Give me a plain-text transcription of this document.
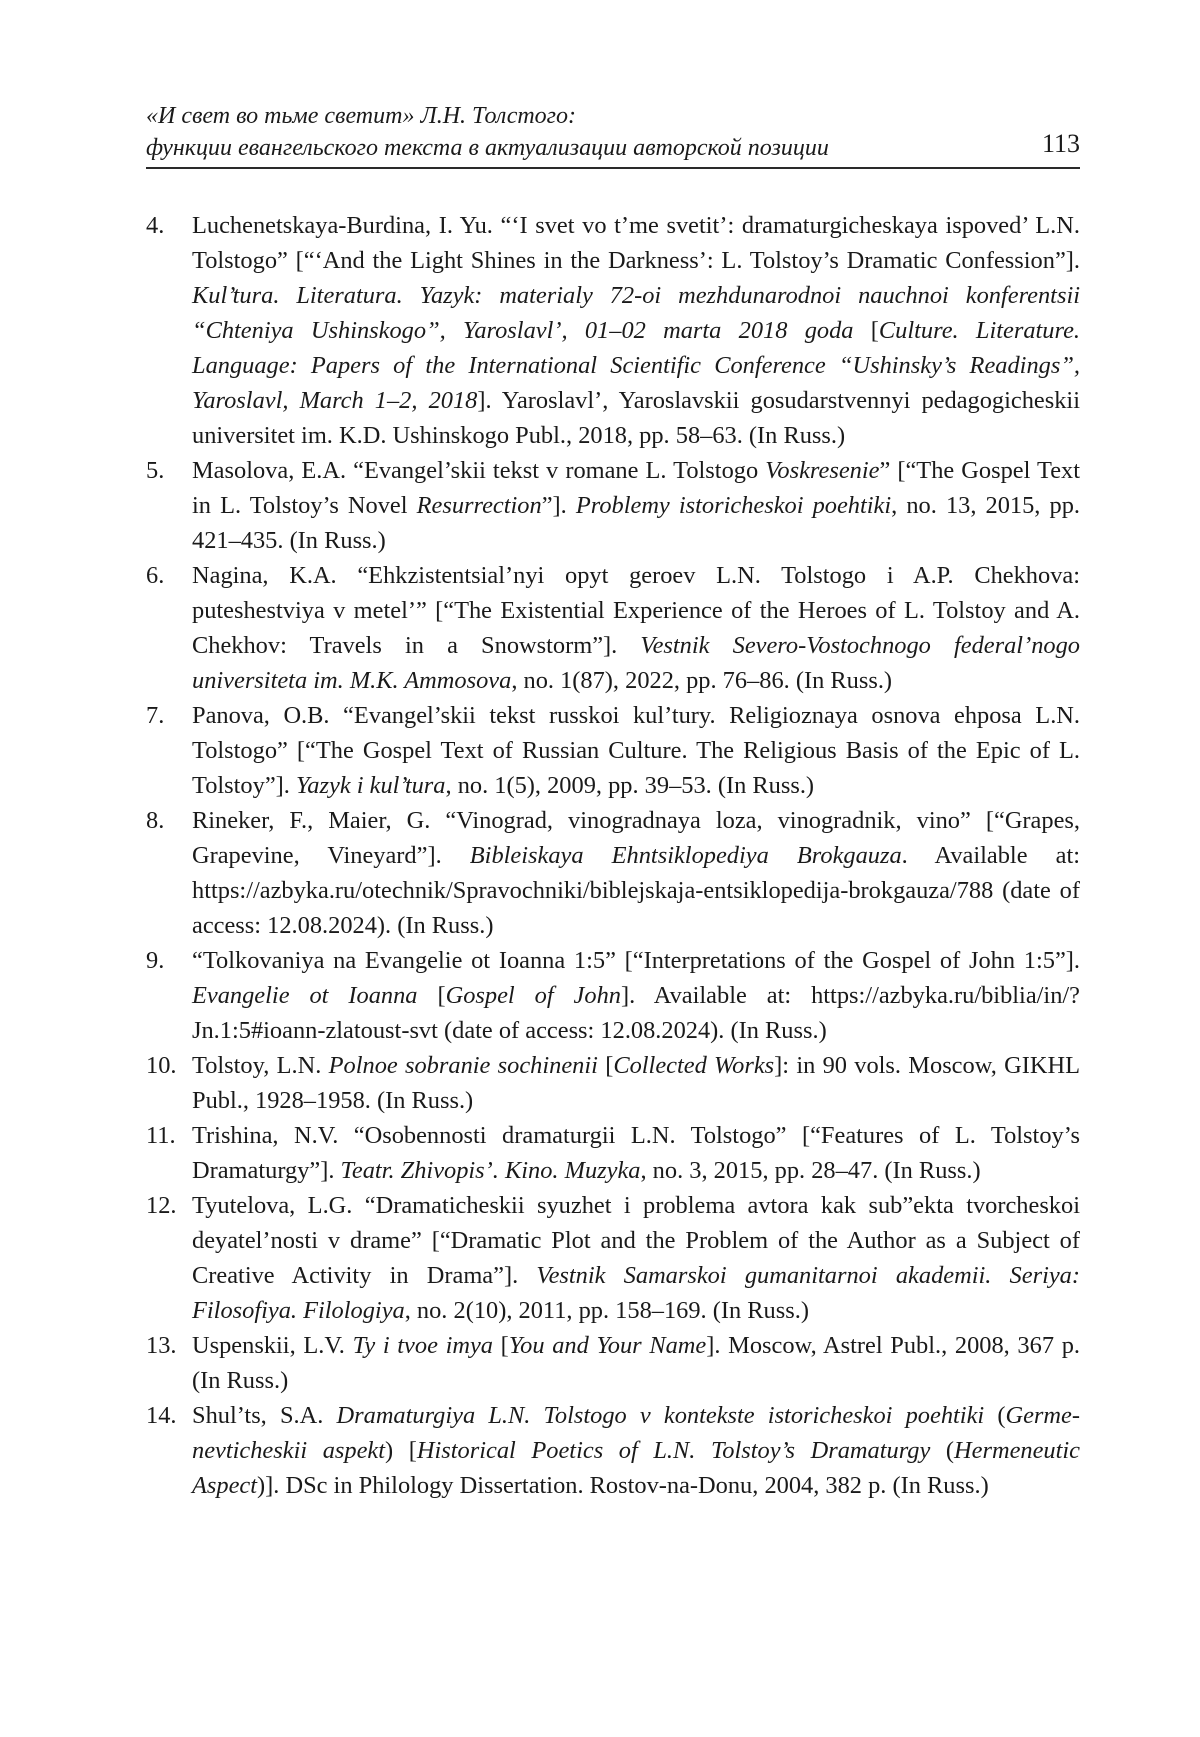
«И свет во тьме светит» Л.Н. Толстого:
функции евангельского текста в актуализации авторской позиции	113
4.	Luchenetskaya-Burdina, I. Yu. “‘I svet vo t’me svetit’: dramaturgicheskaya ispoved’ L.N. Tolstogo” [“‘And the Light Shines in the Darkness’: L. Tolstoy’s Dramatic Confession”]. Kul’tura. Literatura. Yazyk: materialy 72-oi mezhdunarodnoi nauchnoi konferentsii “Chteniya Ushinskogo”, Yaroslavl’, 01–02 marta 2018 goda [Culture. Literature. Language: Papers of the International Scientific Conference “Ushinsky’s Readings”, Yaroslavl, March 1–2, 2018]. Yaroslavl’, Yaroslavskii gosudarstvennyi pedagogicheskii universitet im. K.D. Ushinskogo Publ., 2018, pp. 58–63. (In Russ.)
5.	Masolova, E.A. “Evangel’skii tekst v romane L. Tolstogo Voskresenie” [“The Gospel Text in L. Tolstoy’s Novel Resurrection”]. Problemy istoricheskoi poehtiki, no. 13, 2015, pp. 421–435. (In Russ.)
6.	Nagina, K.A. “Ehkzistentsial’nyi opyt geroev L.N. Tolstogo i A.P. Chekhova: puteshestviya v metel’” [“The Existential Experience of the Heroes of L. Tolstoy and A. Chekhov: Travels in a Snowstorm”]. Vestnik Severo-Vostochnogo federal’nogo universiteta im. M.K. Ammosova, no. 1(87), 2022, pp. 76–86. (In Russ.)
7.	Panova, O.B. “Evangel’skii tekst russkoi kul’tury. Religioznaya osnova ehposa L.N. Tolstogo” [“The Gospel Text of Russian Culture. The Religious Basis of the Epic of L. Tolstoy”]. Yazyk i kul’tura, no. 1(5), 2009, pp. 39–53. (In Russ.)
8.	Rineker, F., Maier, G. “Vinograd, vinogradnaya loza, vinogradnik, vino” [“Grapes, Grapevine, Vineyard”]. Bibleiskaya Ehntsiklopediya Brokgauza. Available at: https://azbyka.ru/otechnik/Spravochniki/biblejskaja-entsiklopedija-brokgauza/788 (date of access: 12.08.2024). (In Russ.)
9.	“Tolkovaniya na Evangelie ot Ioanna 1:5” [“Interpretations of the Gospel of John 1:5”]. Evangelie ot Ioanna [Gospel of John]. Available at: https://azbyka.ru/biblia/in/?Jn.1:5#ioann-zlatoust-svt (date of access: 12.08.2024). (In Russ.)
10. Tolstoy, L.N. Polnoe sobranie sochinenii [Collected Works]: in 90 vols. Moscow, GIKHL Publ., 1928–1958. (In Russ.)
11. Trishina, N.V. “Osobennosti dramaturgii L.N. Tolstogo” [“Features of L. Tolstoy’s Dramaturgy”]. Teatr. Zhivopis’. Kino. Muzyka, no. 3, 2015, pp. 28–47. (In Russ.)
12. Tyutelova, L.G. “Dramaticheskii syuzhet i problema avtora kak sub”ekta tvorcheskoi deyatel’nosti v drame” [“Dramatic Plot and the Problem of the Author as a Subject of Creative Activity in Drama”]. Vestnik Samarskoi gumanitarnoi akademii. Seriya: Filosofiya. Filologiya, no. 2(10), 2011, pp. 158–169. (In Russ.)
13. Uspenskii, L.V. Ty i tvoe imya [You and Your Name]. Moscow, Astrel Publ., 2008, 367 p. (In Russ.)
14. Shul’ts, S.A. Dramaturgiya L.N. Tolstogo v kontekste istoricheskoi poehtiki (Germenevticheskii aspekt) [Historical Poetics of L.N. Tolstoy’s Dramaturgy (Hermeneutic Aspect)]. DSc in Philology Dissertation. Rostov-na-Donu, 2004, 382 p. (In Russ.)
